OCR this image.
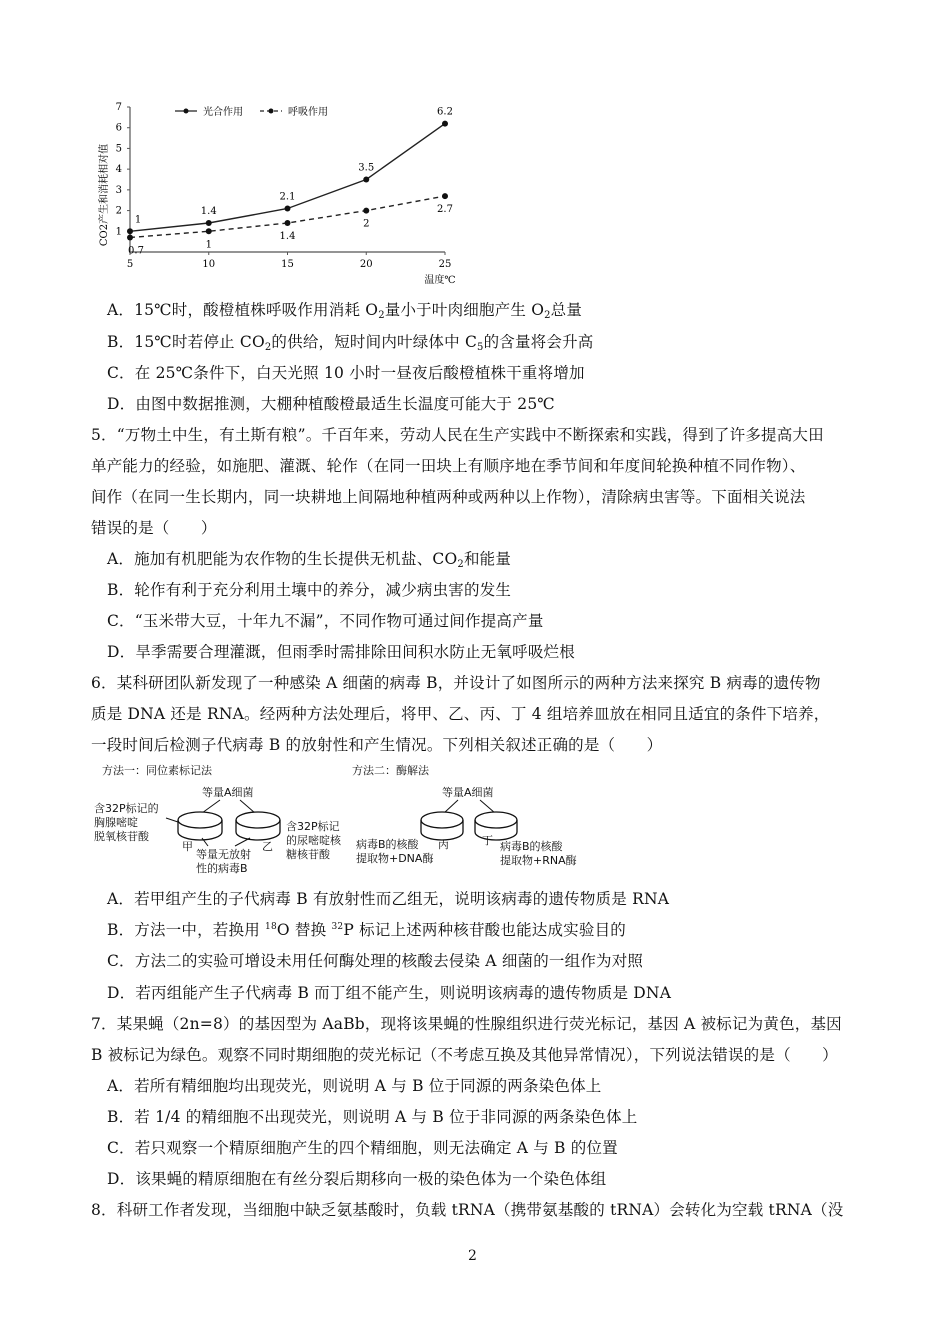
5	10	15	20	25
1
2
3
4
5
6
7
1
1.4
2.1
3.5
6.2
0.7
1
1.4
2
2.7
光合作用	呼吸作用
CO2产生和消耗相对值
温度℃
A．15℃时，酸橙植株呼吸作用消耗 $O_2$量小于叶肉细胞产生 $O_2$总量
B．15℃时若停止 $CO_2$的供给，短时间内叶绿体中 $C_5$的含量将会升高
C．在 25℃条件下，白天光照 10 小时一昼夜后酸橙植株干重将增加
D．由图中数据推测，大棚种植酸橙最适生长温度可能大于 25℃
5．“万物土中生，有土斯有粮”。千百年来，劳动人民在生产实践中不断探索和实践，得到了许多提高大田
单产能力的经验，如施肥、灌溉、轮作（在同一田块上有顺序地在季节间和年度间轮换种植不同作物）、
间作（在同一生长期内，同一块耕地上间隔地种植两种或两种以上作物），清除病虫害等。下面相关说法
错误的是（　　）
A．施加有机肥能为农作物的生长提供无机盐、$CO_2$和能量
B．轮作有利于充分利用土壤中的养分，减少病虫害的发生
C．“玉米带大豆，十年九不漏”，不同作物可通过间作提高产量
D．旱季需要合理灌溉，但雨季时需排除田间积水防止无氧呼吸烂根
6．某科研团队新发现了一种感染 A 细菌的病毒 B，并设计了如图所示的两种方法来探究 B 病毒的遗传物
质是 DNA 还是 RNA。经两种方法处理后，将甲、乙、丙、丁 4 组培养皿放在相同且适宜的条件下培养，
一段时间后检测子代病毒 B 的放射性和产生情况。下列相关叙述正确的是（　　）
方法一：同位素标记法	方法二：酶解法
等量A细菌
含32P标记的
胸腺嘧啶
脱氧核苷酸
甲	乙
等量无放射
性的病毒B
含32P标记
的尿嘧啶核
糖核苷酸
等量A细菌
病毒B的核酸
提取物+DNA酶
丙	丁 病毒B的核酸
提取物+RNA酶
A．若甲组产生的子代病毒 B 有放射性而乙组无，说明该病毒的遗传物质是 RNA
B．方法一中，若换用 $^{18}$O 替换 $^{32}$P 标记上述两种核苷酸也能达成实验目的
C．方法二的实验可增设未用任何酶处理的核酸去侵染 A 细菌的一组作为对照
D．若丙组能产生子代病毒 B 而丁组不能产生，则说明该病毒的遗传物质是 DNA
7．某果蝇（2n=8）的基因型为 AaBb，现将该果蝇的性腺组织进行荧光标记，基因 A 被标记为黄色，基因
B 被标记为绿色。观察不同时期细胞的荧光标记（不考虑互换及其他异常情况），下列说法错误的是（　　）
A．若所有精细胞均出现荧光，则说明 A 与 B 位于同源的两条染色体上
B．若 1/4 的精细胞不出现荧光，则说明 A 与 B 位于非同源的两条染色体上
C．若只观察一个精原细胞产生的四个精细胞，则无法确定 A 与 B 的位置
D．该果蝇的精原细胞在有丝分裂后期移向一极的染色体为一个染色体组
8．科研工作者发现，当细胞中缺乏氨基酸时，负载 tRNA（携带氨基酸的 tRNA）会转化为空载 tRNA（没
2
